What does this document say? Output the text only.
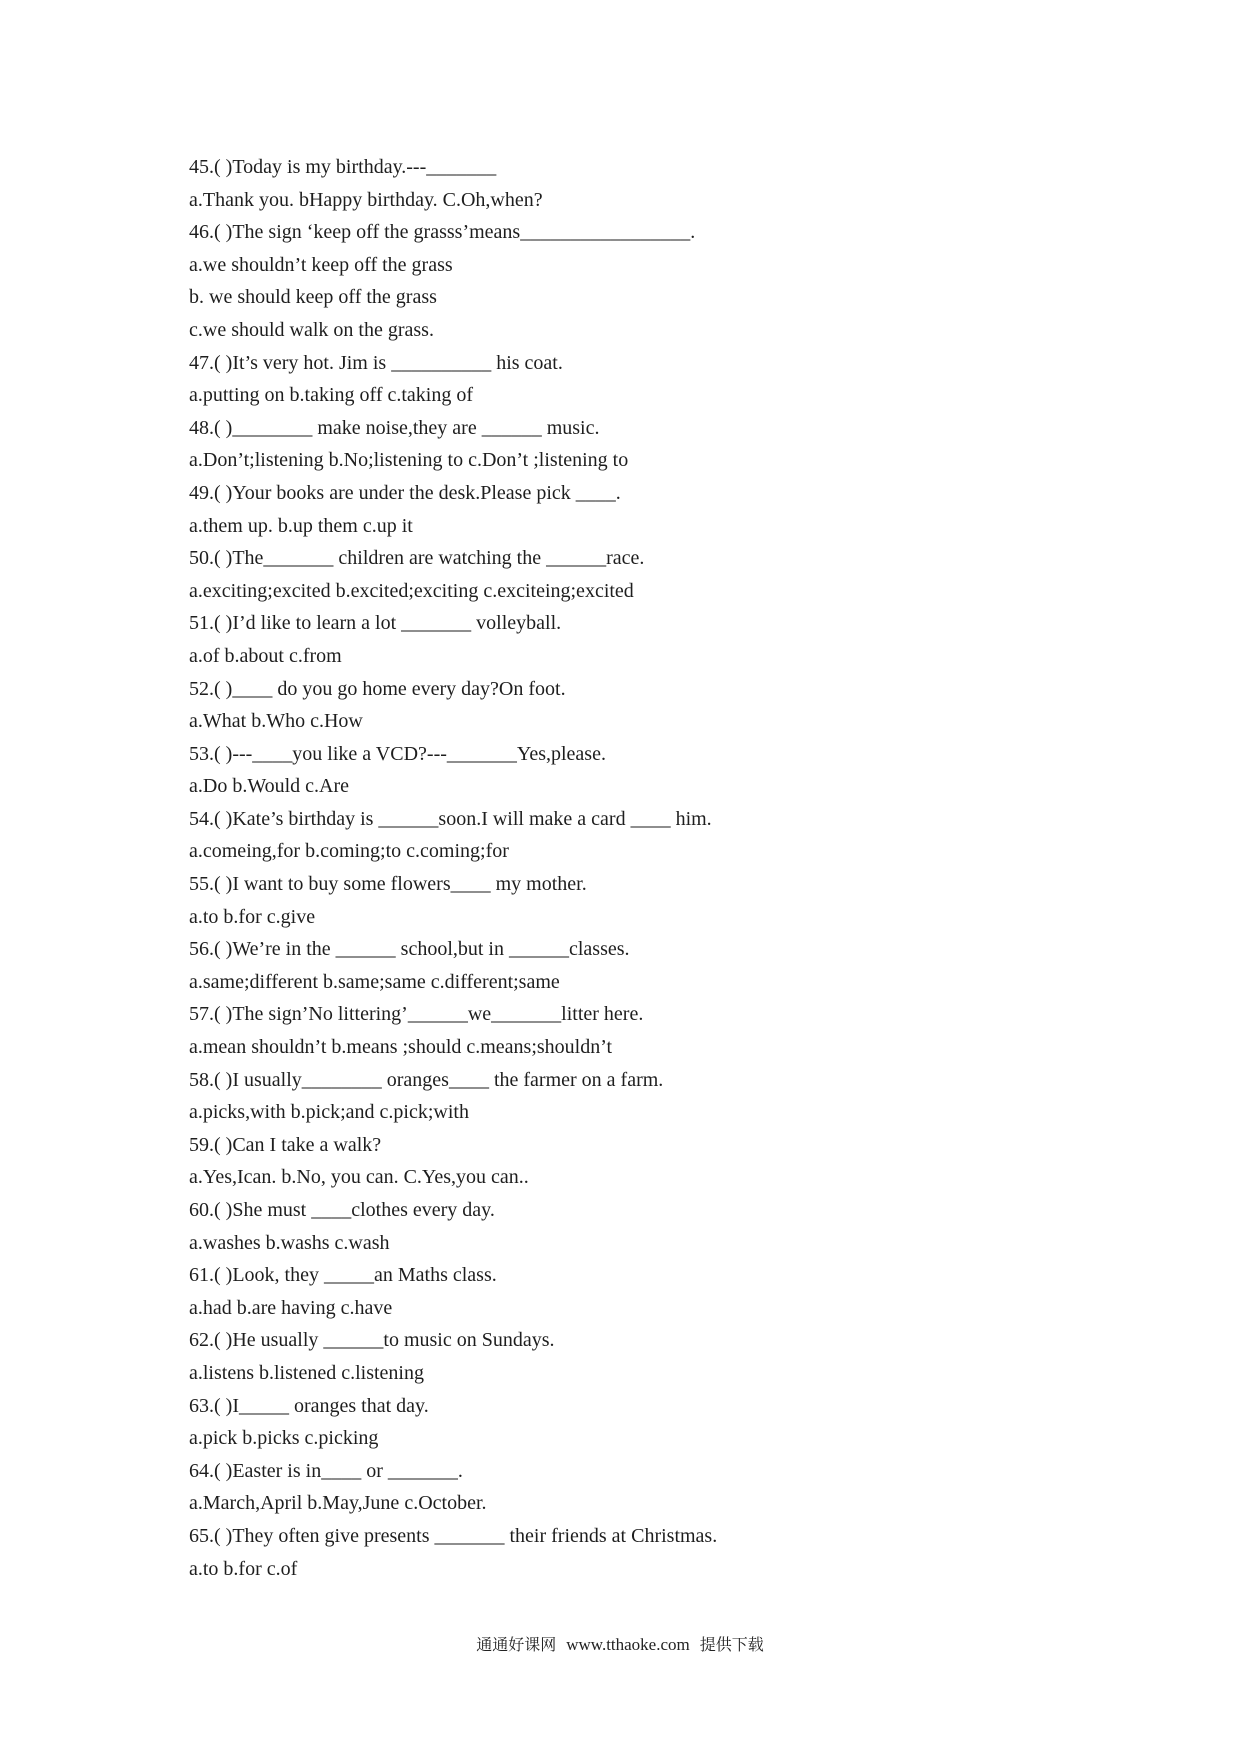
45.( )Today is my birthday.---_______
a.Thank you. bHappy birthday. C.Oh,when?
46.( )The sign ‘keep off the grasss’means_________________.
a.we shouldn’t keep off the grass
b. we should keep off the grass
c.we should walk on the grass.
47.( )It’s very hot. Jim is __________ his coat.
a.putting on b.taking off c.taking of
48.( )________ make noise,they are ______ music.
a.Don’t;listening b.No;listening to c.Don’t ;listening to
49.( )Your books are under the desk.Please pick ____.
a.them up. b.up them c.up it
50.( )The_______ children are watching the ______race.
a.exciting;excited b.excited;exciting c.exciteing;excited
51.( )I’d like to learn a lot _______ volleyball.
a.of b.about c.from
52.( )____ do you go home every day?On foot.
a.What b.Who c.How
53.( )---____you like a VCD?---_______Yes,please.
a.Do b.Would c.Are
54.( )Kate’s birthday is ______soon.I will make a card ____ him.
a.comeing,for b.coming;to c.coming;for
55.( )I want to buy some flowers____ my mother.
a.to b.for c.give
56.( )We’re in the ______ school,but in ______classes.
a.same;different b.same;same c.different;same
57.( )The sign’No littering’______we_______litter here.
a.mean shouldn’t b.means ;should c.means;shouldn’t
58.( )I usually________ oranges____ the farmer on a farm.
a.picks,with b.pick;and c.pick;with
59.( )Can I take a walk?
a.Yes,Ican. b.No, you can. C.Yes,you can..
60.( )She must ____clothes every day.
a.washes b.washs c.wash
61.( )Look, they _____an Maths class.
a.had b.are having c.have
62.( )He usually ______to music on Sundays.
a.listens b.listened c.listening
63.( )I_____ oranges that day.
a.pick b.picks c.picking
64.( )Easter is in____ or _______.
a.March,April b.May,June c.October.
65.( )They often give presents _______ their friends at Christmas.
a.to b.for c.of
通通好课网 www.tthaoke.com 提供下载
